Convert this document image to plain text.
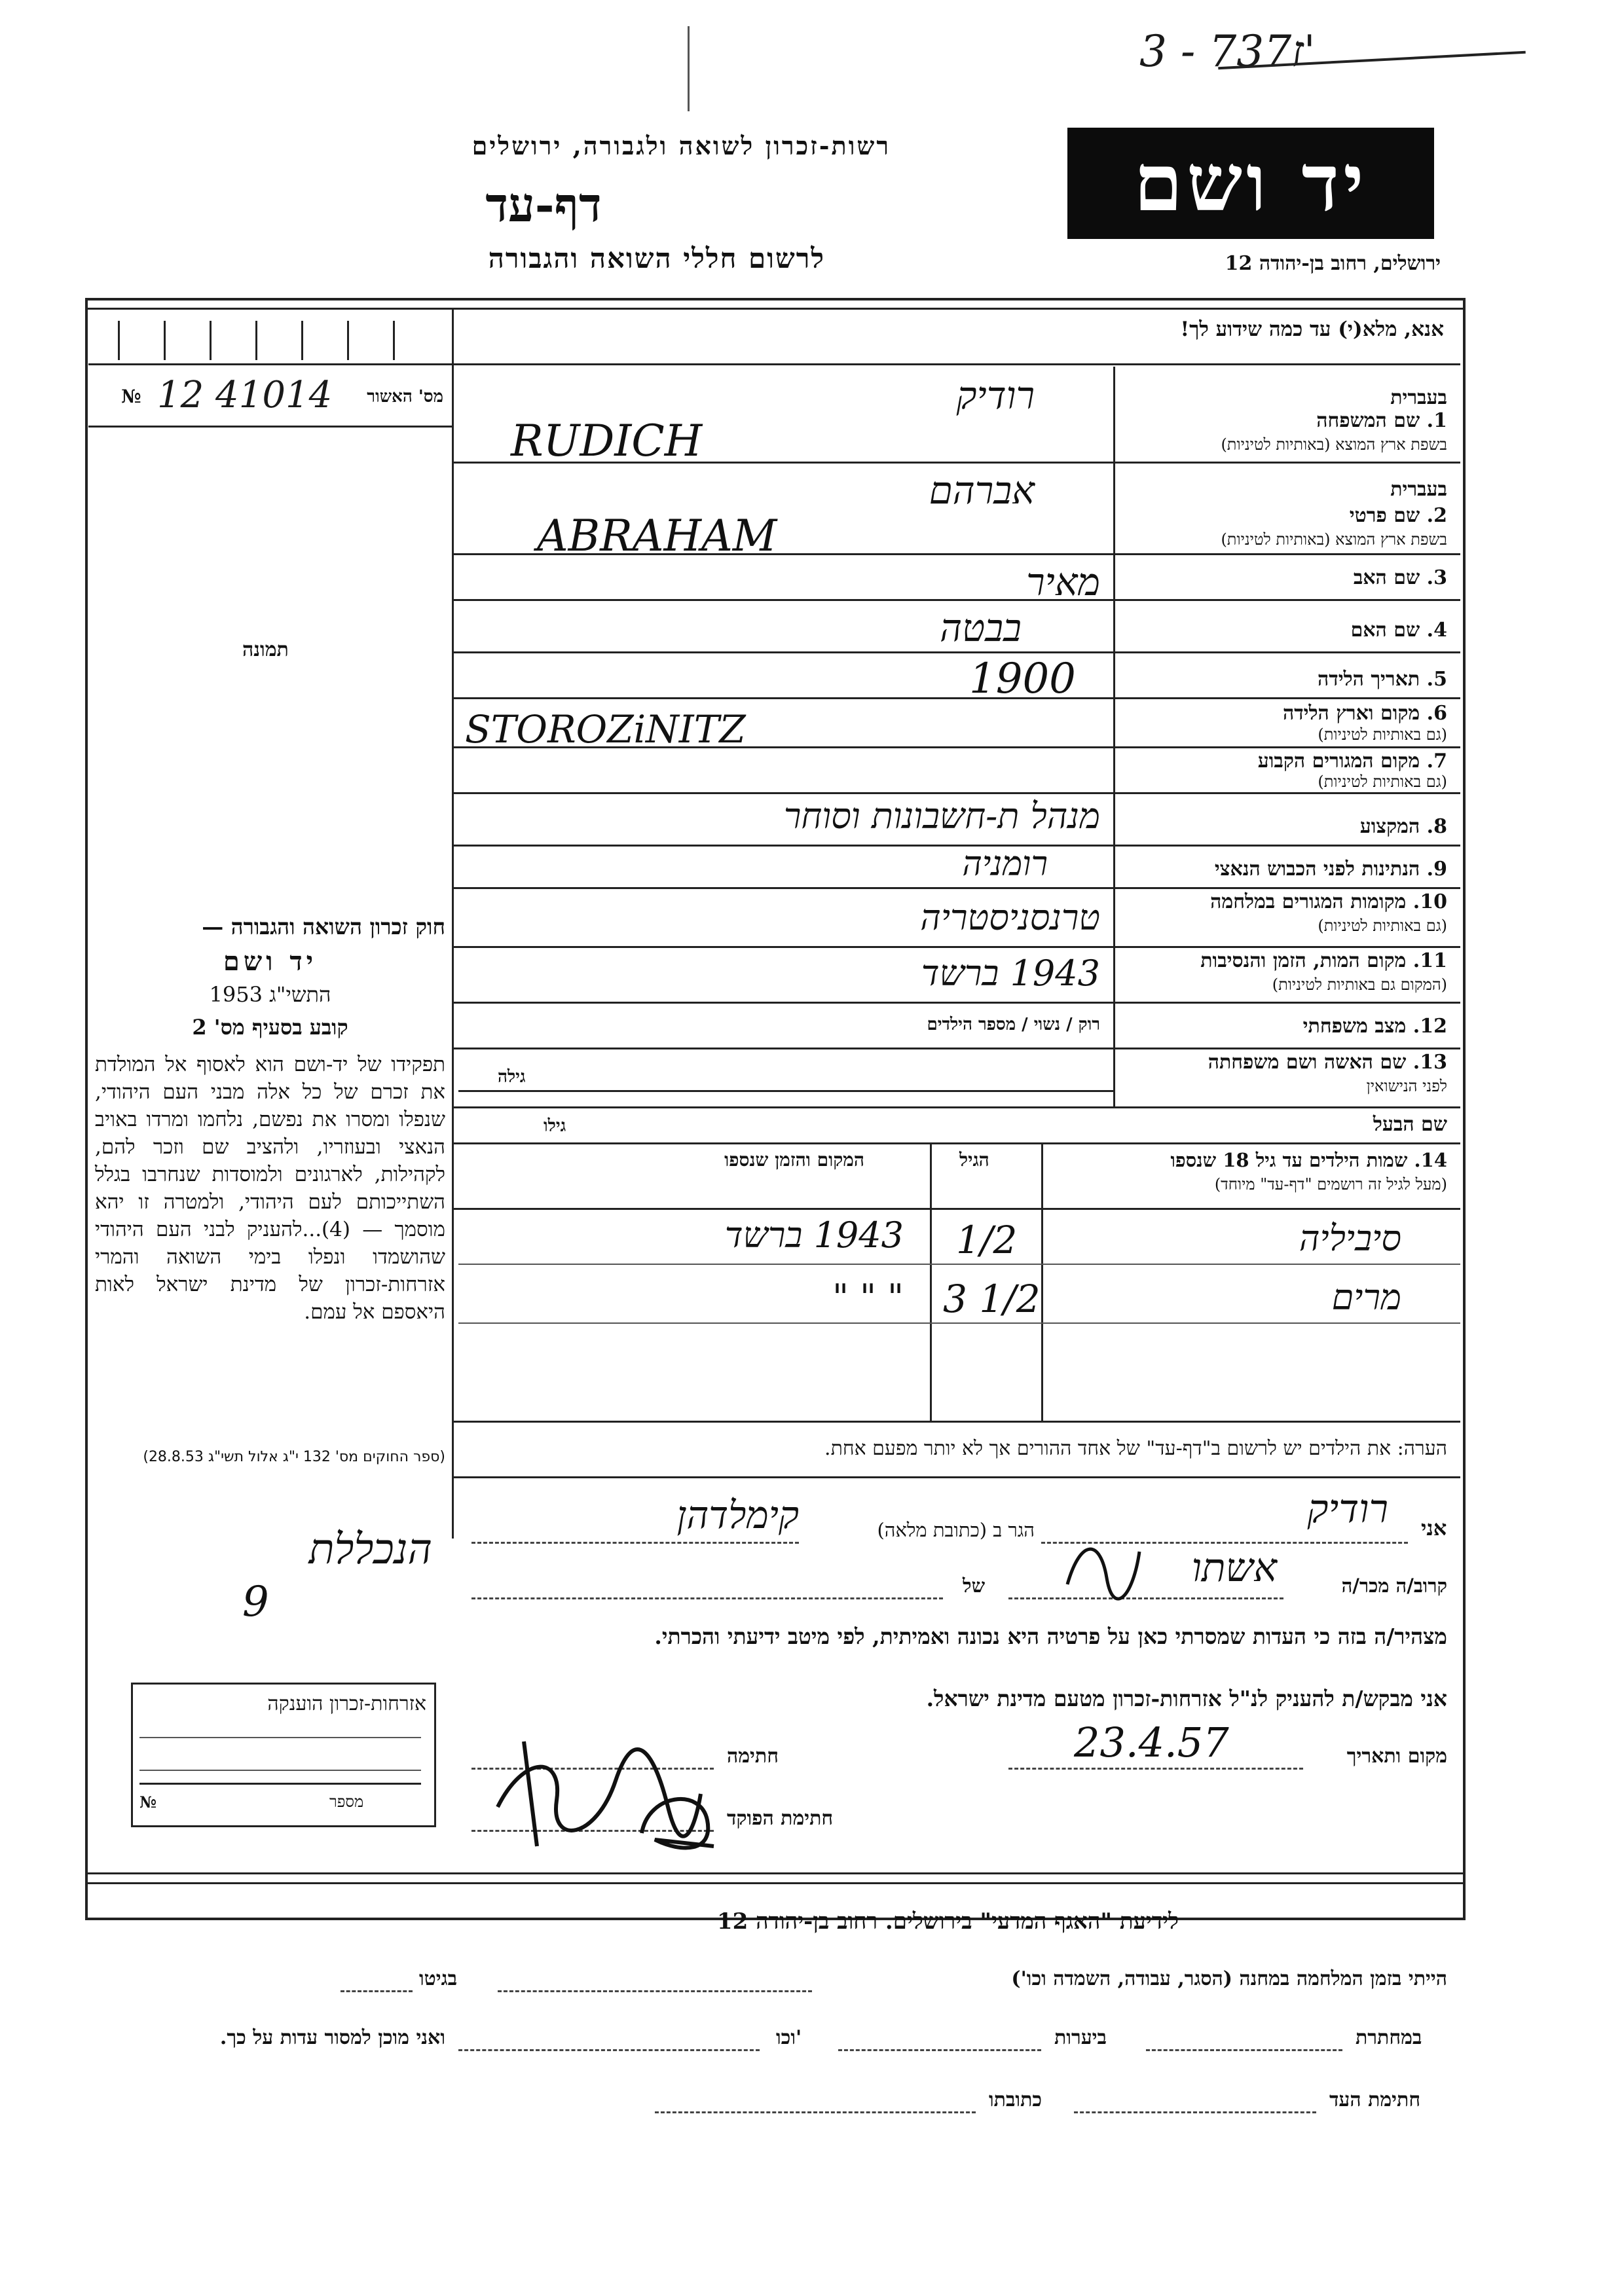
3 - 737ז'
רשות-זכרון לשואה ולגבורה, ירושלים
דף-עד
לרשום חללי השואה והגבורה
יד ושם
ירושלים, רחוב בן-יהודה 12
אנא, מלא(י) עד כמה שידוע לך!
№ 12 41014 מס' האשור
תמונה
בעברית
1. שם המשפחה
בשפת ארץ המוצא (באותיות לטיניות)
רודיק
RUDICH
בעברית
2. שם פרטי
בשפת ארץ המוצא (באותיות לטיניות)
אברהם
ABRAHAM
3. שם האב
מאיר
4. שם האם
בבטה
5. תאריך הלידה
1900
6. מקום וארץ הלידה
(גם באותיות לטיניות)
STOROZiNITZ
7. מקום המגורים הקבוע
(גם באותיות לטיניות)
8. המקצוע
מנהל ת-חשבונות וסוחר
9. הנתינות לפני הכבוש הנאצי
רומניה
10. מקומות המגורים במלחמה
(גם באותיות לטיניות)
טרנסניסטריה
11. מקום המות, הזמן והנסיבות
(המקום גם באותיות לטיניות)
1943 ברשד
12. מצב משפחתי
רוק / נשוי / מספר הילדים
13. שם האשה ושם משפחתה
לפני הנישואין
גילה
שם הבעל
גילו
14. שמות הילדים עד גיל 18 שנספו
(מעל לגיל זה רושמים "דף-עד" מיוחד)
הגיל
המקום והזמן שנספו
סיביליה
1/2
1943 ברשד
מרים
3 1/2
" " "
חוק זכרון השואה והגבורה —
יד ושם
1953 התשי"ג
קובע בסעיף מס' 2
תפקידו של יד-ושם הוא לאסוף אל המולדת את זכרם של כל אלה מבני העם היהודי, שנפלו ומסרו את נפשם, נלחמו ומרדו באויב הנאצי ובעוזריו, ולהציב שם וזכר להם, לקהילות, לארגונים ולמוסדות שנחרבו בגלל השתייכותם לעם היהודי, ולמטרה זו יהא מוסמך — (4)...להעניק לבני העם היהודי שהושמדו ונפלו בימי השואה והמרי אזרחות-זכרון של מדינת ישראל לאות היאספם אל עמם.
(ספר החוקים מס' 132 י"ג אלול תשי"ג 28.8.53)	הערה: את הילדים יש לרשום ב"דף-עד" של אחד ההורים אך לא יותר מפעם אחת.
אני
רודיק
הגר ב (כתובת מלאה)
קימלדהן
קרוב/ה מכר/ה
אשתו
של
מצהיר/ה בזה כי העדות שמסרתי כאן על פרטיה היא נכונה ואמיתית, לפי מיטב ידיעתי והכרתי.
אני מבקש/ת להעניק לנ"ל אזרחות-זכרון מטעם מדינת ישראל.
מקום ותאריך
23.4.57
חתימה
חתימת הפוקד
הנכללת
9
אזרחות-זכרון הוענקה
№	מספר
לידיעת "האגף המדעי" בירושלים. רחוב בן-יהודה 12
הייתי בזמן המלחמה במחנה (הסגר, עבודה, השמדה וכו')
בגיטו
במחתרת
ביערות
וכו'
ואני מוכן למסור עדות על כך.
חתימת העד
כתובתו
